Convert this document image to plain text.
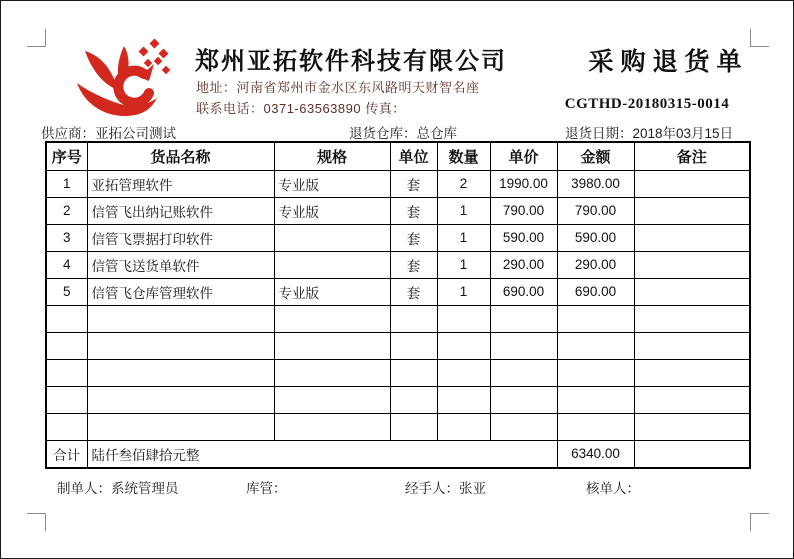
郑州亚拓软件科技有限公司
地址：河南省郑州市金水区东风路明天财智名座
联系电话：0371-63563890 传真：
采购退货单
CGTHD-20180315-0014
供应商：亚拓公司测试	退货仓库：总仓库	退货日期：2018年03月15日
序号	货品名称	规格	单位	数量	单价	金额	备注
1	亚拓管理软件	专业版	套	2	1990.00	3980.00	
2	信管飞出纳记账软件	专业版	套	1	790.00	790.00	
3	信管飞票据打印软件		套	1	590.00	590.00	
4	信管飞送货单软件		套	1	290.00	290.00	
5	信管飞仓库管理软件	专业版	套	1	690.00	690.00	

合计	陆仟叁佰肆拾元整					6340.00	
制单人：系统管理员	库管：	经手人：张亚	核单人：
